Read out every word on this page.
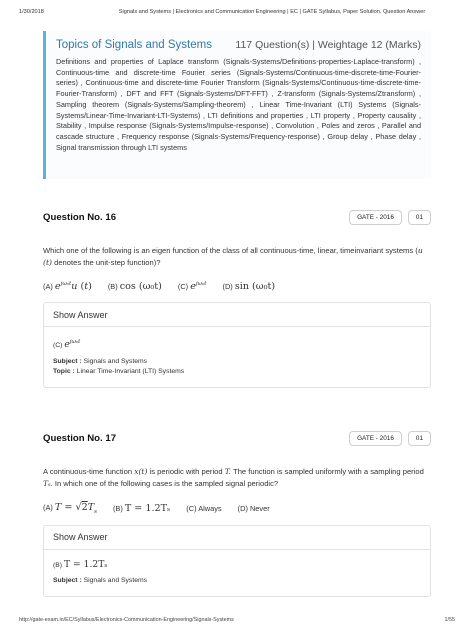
1/30/2018	Signals and Systems | Electronics and Communication Engineering | EC | GATE Syllabus, Paper Solution, Question Answer
Topics of Signals and Systems 117 Question(s) | Weightage 12 (Marks)
Definitions and properties of Laplace transform (Signals-Systems/Definitions-properties-Laplace-transform) , Continuous-time and discrete-time Fourier series (Signals-Systems/Continuous-time-discrete-time-Fourier-series) , Continuous-time and discrete-time Fourier Transform (Signals-Systems/Continuous-time-discrete-time-Fourier-Transform) , DFT and FFT (Signals-Systems/DFT-FFT) , Z-transform (Signals-Systems/Ztransform) , Sampling theorem (Signals-Systems/Sampling-theorem) , Linear Time-Invariant (LTI) Systems (Signals-Systems/Linear-Time-Invariant-LTI-Systems) , LTI definitions and properties , LTI property , Property causality , Stability , Impulse response (Signals-Systems/Impulse-response) , Convolution , Poles and zeros , Parallel and cascade structure , Frequency response (Signals-Systems/Frequency-response) , Group delay , Phase delay , Signal transmission through LTI systems
Question No. 16	GATE - 2016	01
Which one of the following is an eigen function of the class of all continuous-time, linear, timeinvariant systems (u (t) denotes the unit-step function)?
(A) $e^{j\omega_0t}u$ (t) (B) cos (ω₀t) (C) $e^{j\omega_0t}$ (D) sin (ω₀t)
Show Answer
(C) $e^{j\omega_0t}$
Subject : Signals and Systems
Topic : Linear Time-Invariant (LTI) Systems
Question No. 17	GATE - 2016	01
A continuous-time function x(t) is periodic with period T. The function is sampled uniformly with a sampling period Tₛ. In which one of the following cases is the sampled signal periodic?
(A) $T = √2T_s$ (B) T = 1.2Tₛ (C) Always (D) Never
Show Answer
(B) T = 1.2Tₛ
Subject : Signals and Systems
http://gate-exam.in/EC/Syllabus/Electronics-Communication-Engineering/Signals-Systems	1/55
